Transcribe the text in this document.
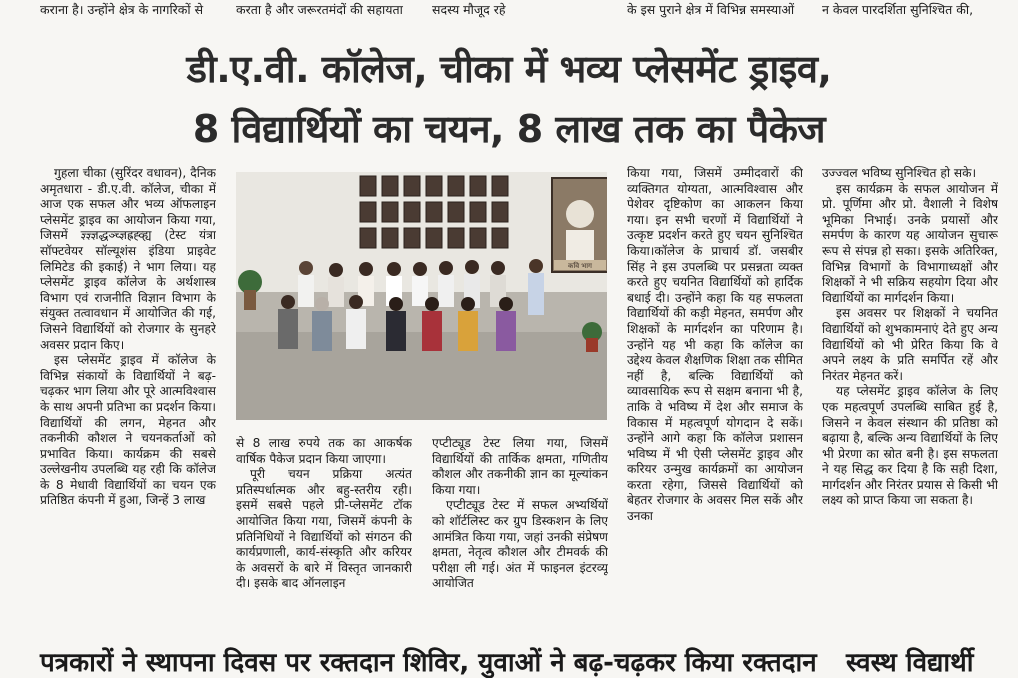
कराना है। उन्होंने क्षेत्र के नागरिकों से	करता है और जरूरतमंदों की सहायता सदस्य मौजूद रहे	के इस पुराने क्षेत्र में विभिन्न समस्याओं न केवल पारदर्शिता सुनिश्चित की,
डी.ए.वी. कॉलेज, चीका में भव्य प्लेसमेंट ड्राइव,
8 विद्यार्थियों का चयन, 8 लाख तक का पैकेज

गुहला चीका (सुरिंदर वधावन), दैनिक अमृतधारा - डी.ए.वी. कॉलेज, चीका में आज एक सफल और भव्य ऑफलाइन प्लेसमेंट ड्राइव का आयोजन किया गया, जिसमें ज्ञ्ज्ञ्ज्ञद्धञ्च्ज्ञह्रह्व्ह्य (टेस्ट यंत्रा सॉफ्टवेयर सॉल्यूशंस इंडिया प्राइवेट लिमिटेड की इकाई) ने भाग लिया। यह प्लेसमेंट ड्राइव कॉलेज के अर्थशास्त्र विभाग एवं राजनीति विज्ञान विभाग के संयुक्त तत्वावधान में आयोजित की गई, जिसने विद्यार्थियों को रोजगार के सुनहरे अवसर प्रदान किए।

इस प्लेसमेंट ड्राइव में कॉलेज के विभिन्न संकायों के विद्यार्थियों ने बढ़-चढ़कर भाग लिया और पूरे आत्मविश्वास के साथ अपनी प्रतिभा का प्रदर्शन किया। विद्यार्थियों की लगन, मेहनत और तकनीकी कौशल ने चयनकर्ताओं को प्रभावित किया। कार्यक्रम की सबसे उल्लेखनीय उपलब्धि यह रही कि कॉलेज के 8 मेधावी विद्यार्थियों का चयन एक प्रतिष्ठित कंपनी में हुआ, जिन्हें 3 लाख

कवि भाग

से 8 लाख रुपये तक का आकर्षक वार्षिक पैकेज प्रदान किया जाएगा।

पूरी चयन प्रक्रिया अत्यंत प्रतिस्पर्धात्मक और बहु-स्तरीय रही। इसमें सबसे पहले प्री-प्लेसमेंट टॉक आयोजित किया गया, जिसमें कंपनी के प्रतिनिधियों ने विद्यार्थियों को संगठन की कार्यप्रणाली, कार्य-संस्कृति और करियर के अवसरों के बारे में विस्तृत जानकारी दी। इसके बाद ऑनलाइन

एप्टीट्यूड टेस्ट लिया गया, जिसमें विद्यार्थियों की तार्किक क्षमता, गणितीय कौशल और तकनीकी ज्ञान का मूल्यांकन किया गया।

एप्टीट्यूड टेस्ट में सफल अभ्यर्थियों को शॉर्टलिस्ट कर ग्रुप डिस्कशन के लिए आमंत्रित किया गया, जहां उनकी संप्रेषण क्षमता, नेतृत्व कौशल और टीमवर्क की परीक्षा ली गई। अंत में फाइनल इंटरव्यू आयोजित

किया गया, जिसमें उम्मीदवारों की व्यक्तिगत योग्यता, आत्मविश्वास और पेशेवर दृष्टिकोण का आकलन किया गया। इन सभी चरणों में विद्यार्थियों ने उत्कृष्ट प्रदर्शन करते हुए चयन सुनिश्चित किया।कॉलेज के प्राचार्य डॉ. जसबीर सिंह ने इस उपलब्धि पर प्रसन्नता व्यक्त करते हुए चयनित विद्यार्थियों को हार्दिक बधाई दी। उन्होंने कहा कि यह सफलता विद्यार्थियों की कड़ी मेहनत, समर्पण और शिक्षकों के मार्गदर्शन का परिणाम है। उन्होंने यह भी कहा कि कॉलेज का उद्देश्य केवल शैक्षणिक शिक्षा तक सीमित नहीं है, बल्कि विद्यार्थियों को व्यावसायिक रूप से सक्षम बनाना भी है, ताकि वे भविष्य में देश और समाज के विकास में महत्वपूर्ण योगदान दे सकें।उन्होंने आगे कहा कि कॉलेज प्रशासन भविष्य में भी ऐसी प्लेसमेंट ड्राइव और करियर उन्मुख कार्यक्रमों का आयोजन करता रहेगा, जिससे विद्यार्थियों को बेहतर रोजगार के अवसर मिल सकें और उनका

उज्ज्वल भविष्य सुनिश्चित हो सके।

इस कार्यक्रम के सफल आयोजन में प्रो. पूर्णिमा और प्रो. वैशाली ने विशेष भूमिका निभाई। उनके प्रयासों और समर्पण के कारण यह आयोजन सुचारू रूप से संपन्न हो सका। इसके अतिरिक्त, विभिन्न विभागों के विभागाध्यक्षों और शिक्षकों ने भी सक्रिय सहयोग दिया और विद्यार्थियों का मार्गदर्शन किया।

इस अवसर पर शिक्षकों ने चयनित विद्यार्थियों को शुभकामनाएं देते हुए अन्य विद्यार्थियों को भी प्रेरित किया कि वे अपने लक्ष्य के प्रति समर्पित रहें और निरंतर मेहनत करें।

यह प्लेसमेंट ड्राइव कॉलेज के लिए एक महत्वपूर्ण उपलब्धि साबित हुई है, जिसने न केवल संस्थान की प्रतिष्ठा को बढ़ाया है, बल्कि अन्य विद्यार्थियों के लिए भी प्रेरणा का स्रोत बनी है। इस सफलता ने यह सिद्ध कर दिया है कि सही दिशा, मार्गदर्शन और निरंतर प्रयास से किसी भी लक्ष्य को प्राप्त किया जा सकता है।

पत्रकारों ने स्थापना दिवस पर रक्तदान शिविर, युवाओं ने बढ़-चढ़कर किया रक्तदान स्वस्थ विद्यार्थी
